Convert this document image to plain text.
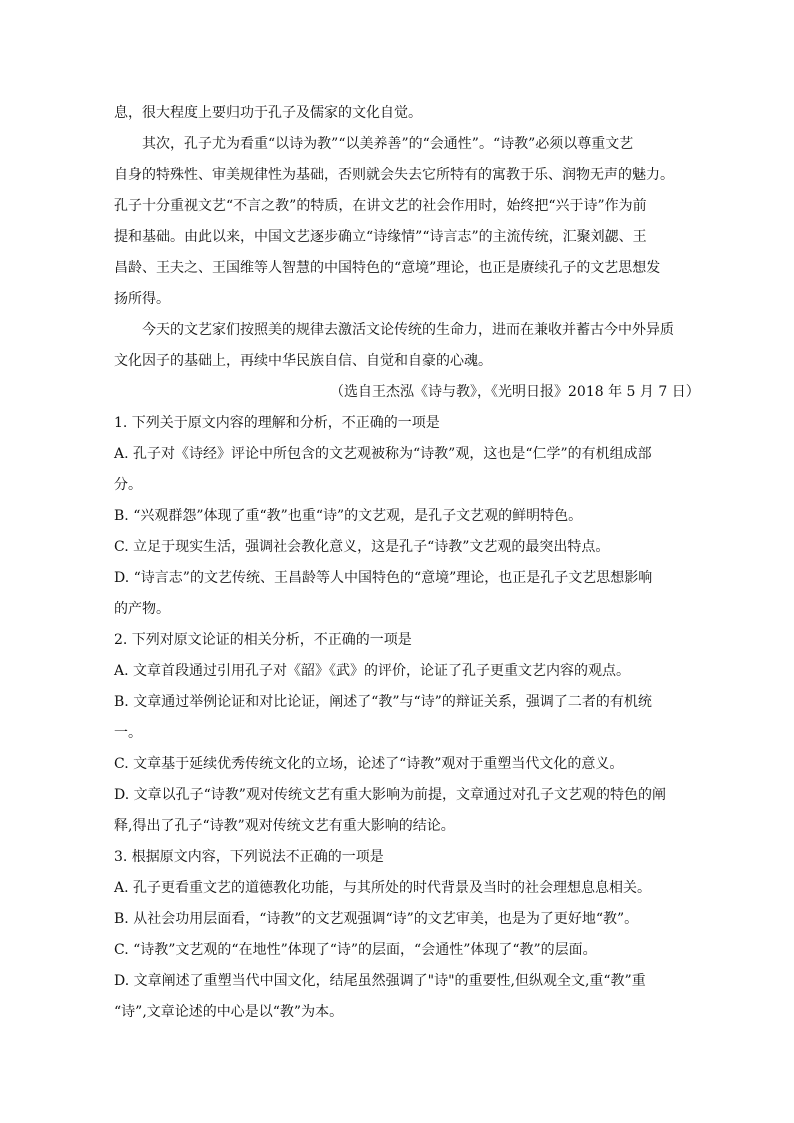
息，很大程度上要归功于孔子及儒家的文化自觉。
其次，孔子尤为看重“以诗为教”“以美养善”的“会通性”。“诗教”必须以尊重文艺
自身的特殊性、审美规律性为基础，否则就会失去它所特有的寓教于乐、润物无声的魅力。
孔子十分重视文艺“不言之教”的特质，在讲文艺的社会作用时，始终把“兴于诗”作为前
提和基础。由此以来，中国文艺逐步确立“诗缘情”“诗言志”的主流传统，汇聚刘勰、王
昌龄、王夫之、王国维等人智慧的中国特色的“意境”理论，也正是赓续孔子的文艺思想发
扬所得。
今天的文艺家们按照美的规律去激活文论传统的生命力，进而在兼收并蓄古今中外异质
文化因子的基础上，再续中华民族自信、自觉和自豪的心魂。
（选自王杰泓《诗与教》，《光明日报》2018 年 5 月 7 日）
1. 下列关于原文内容的理解和分析，不正确的一项是
A. 孔子对《诗经》评论中所包含的文艺观被称为“诗教”观，这也是“仁学”的有机组成部
分。
B. “兴观群怨”体现了重“教”也重“诗”的文艺观，是孔子文艺观的鲜明特色。
C. 立足于现实生活，强调社会教化意义，这是孔子“诗教”文艺观的最突出特点。
D. “诗言志”的文艺传统、王昌龄等人中国特色的“意境”理论，也正是孔子文艺思想影响
的产物。
2. 下列对原文论证的相关分析，不正确的一项是
A. 文章首段通过引用孔子对《韶》《武》的评价，论证了孔子更重文艺内容的观点。
B. 文章通过举例论证和对比论证，阐述了“教”与“诗”的辩证关系，强调了二者的有机统
一。
C. 文章基于延续优秀传统文化的立场，论述了“诗教”观对于重塑当代文化的意义。
D. 文章以孔子“诗教”观对传统文艺有重大影响为前提，文章通过对孔子文艺观的特色的阐
释,得出了孔子“诗教”观对传统文艺有重大影响的结论。
3. 根据原文内容，下列说法不正确的一项是
A. 孔子更看重文艺的道德教化功能，与其所处的时代背景及当时的社会理想息息相关。
B. 从社会功用层面看，“诗教”的文艺观强调“诗”的文艺审美，也是为了更好地“教”。
C. “诗教”文艺观的“在地性”体现了“诗”的层面，“会通性”体现了“教”的层面。
D. 文章阐述了重塑当代中国文化，结尾虽然强调了"诗"的重要性,但纵观全文,重“教”重
“诗”,文章论述的中心是以“教”为本。
